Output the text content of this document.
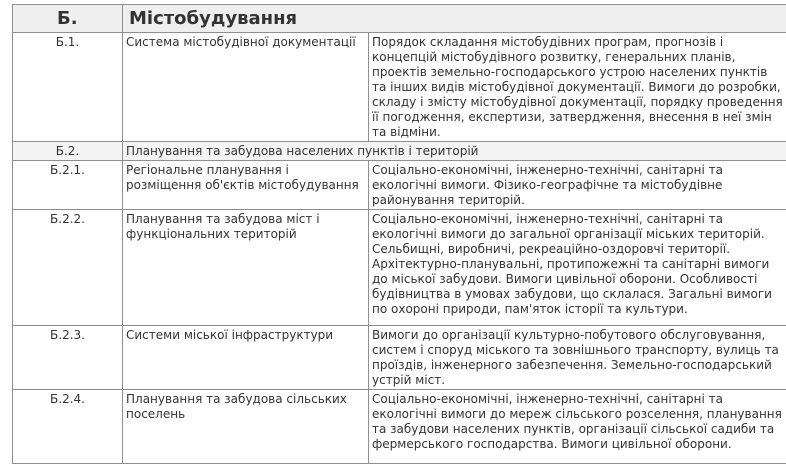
Б.	Містобудування	
Б.1.	Система містобудівної документації	Порядок складання містобудівних програм, прогнозів і концепцій містобудівного розвитку, генеральних планів, проектів земельно-господарського устрою населених пунктів та інших видів містобудівної документації. Вимоги до розробки, складу і змісту містобудівної документації, порядку проведення її погодження, експертизи, затвердження, внесення в неї змін та відміни.
Б.2.	Планування та забудова населених пунктів і територій	
Б.2.1.	Регіональне планування і розміщення об'єктів містобудування	Соціально-економічні, інженерно-технічні, санітарні та екологічні вимоги. Фізико-географічне та містобудівне районування територій.
Б.2.2.	Планування та забудова міст і функціональних територій	Соціально-економічні, інженерно-технічні, санітарні та екологічні вимоги до загальної організації міських територій. Сельбищні, виробничі, рекреаційно-оздоровчі території. Архітектурно-планувальні, протипожежні та санітарні вимоги до міської забудови. Вимоги цивільної оборони. Особливості будівництва в умовах забудови, що склалася. Загальні вимоги по охороні природи, пам'яток історії та культури.
Б.2.3.	Системи міської інфраструктури	Вимоги до організації культурно-побутового обслуговування, систем і споруд міського та зовнішнього транспорту, вулиць та проїздів, інженерного забезпечення. Земельно-господарський устрій міст.
Б.2.4.	Планування та забудова сільських поселень	Соціально-економічні, інженерно-технічні, санітарні та екологічні вимоги до мереж сільського розселення, планування та забудови населених пунктів, організації сільської садиби та фермерського господарства. Вимоги цивільної оборони.
